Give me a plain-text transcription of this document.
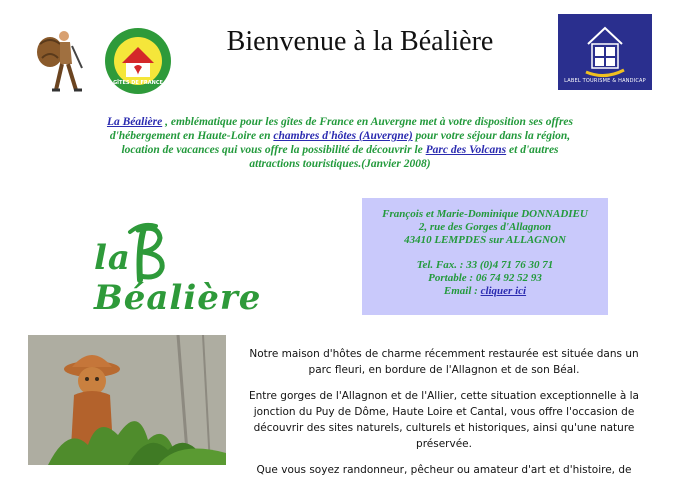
GÎTES DE FRANCE
Bienvenue à la Béalière
LABEL TOURISME & HANDICAP
La Béalière , emblématique pour les gîtes de France en Auvergne met à votre disposition ses offres d'hébergement en Haute-Loire en chambres d'hôtes (Auvergne) pour votre séjour dans la région, location de vacances qui vous offre la possibilité de découvrir le Parc des Volcans et d'autres attractions touristiques.(Janvier 2008)
la Béalière
François et Marie-Dominique DONNADIEU
2, rue des Gorges d'Allagnon
43410 LEMPDES sur ALLAGNON
Tel. Fax. : 33 (0)4 71 76 30 71
Portable : 06 74 92 52 93
Email : cliquer ici

Notre maison d'hôtes de charme récemment restaurée est située dans un parc fleuri, en bordure de l'Allagnon et de son Béal.

Entre gorges de l'Allagnon et de l'Allier, cette situation exceptionnelle à la jonction du Puy de Dôme, Haute Loire et Cantal, vous offre l'occasion de découvrir des sites naturels, culturels et historiques, ainsi qu'une nature préservée.

Que vous soyez randonneur, pêcheur ou amateur d'art et d'histoire, de
